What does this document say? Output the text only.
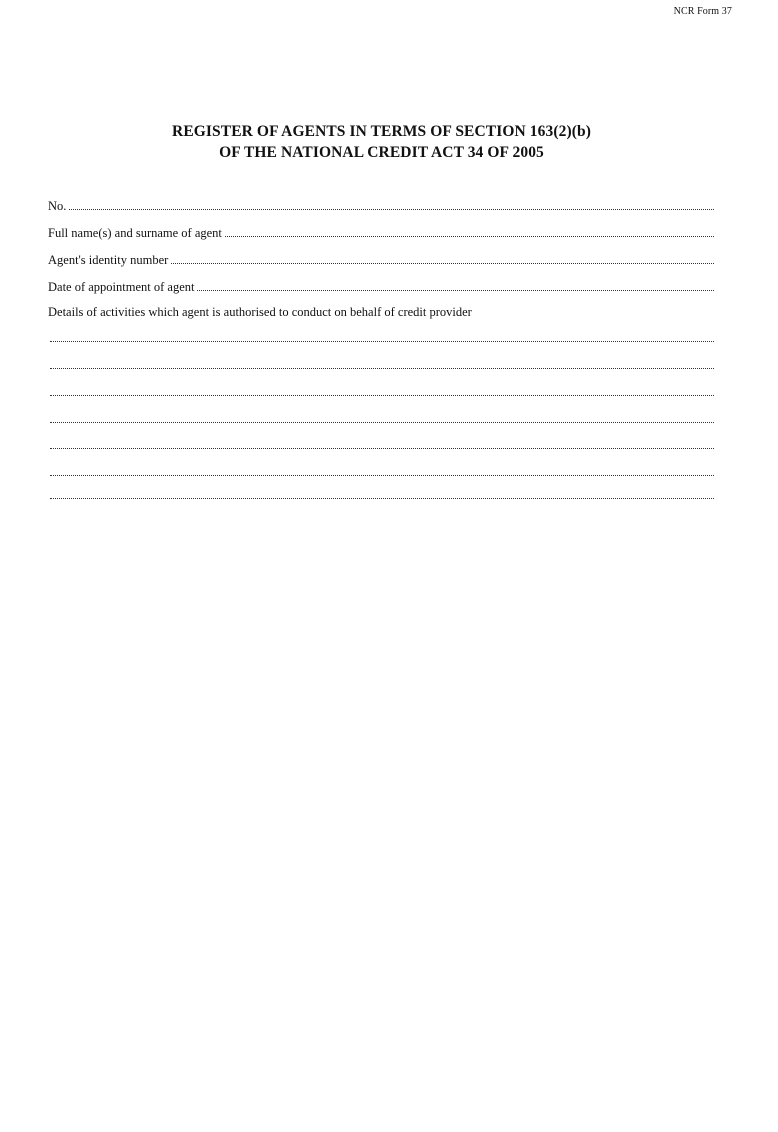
NCR Form 37
REGISTER OF AGENTS IN TERMS OF SECTION 163(2)(b)
OF THE NATIONAL CREDIT ACT 34 OF 2005
No.
Full name(s) and surname of agent
Agent's identity number
Date of appointment of agent
Details of activities which agent is authorised to conduct on behalf of credit provider
